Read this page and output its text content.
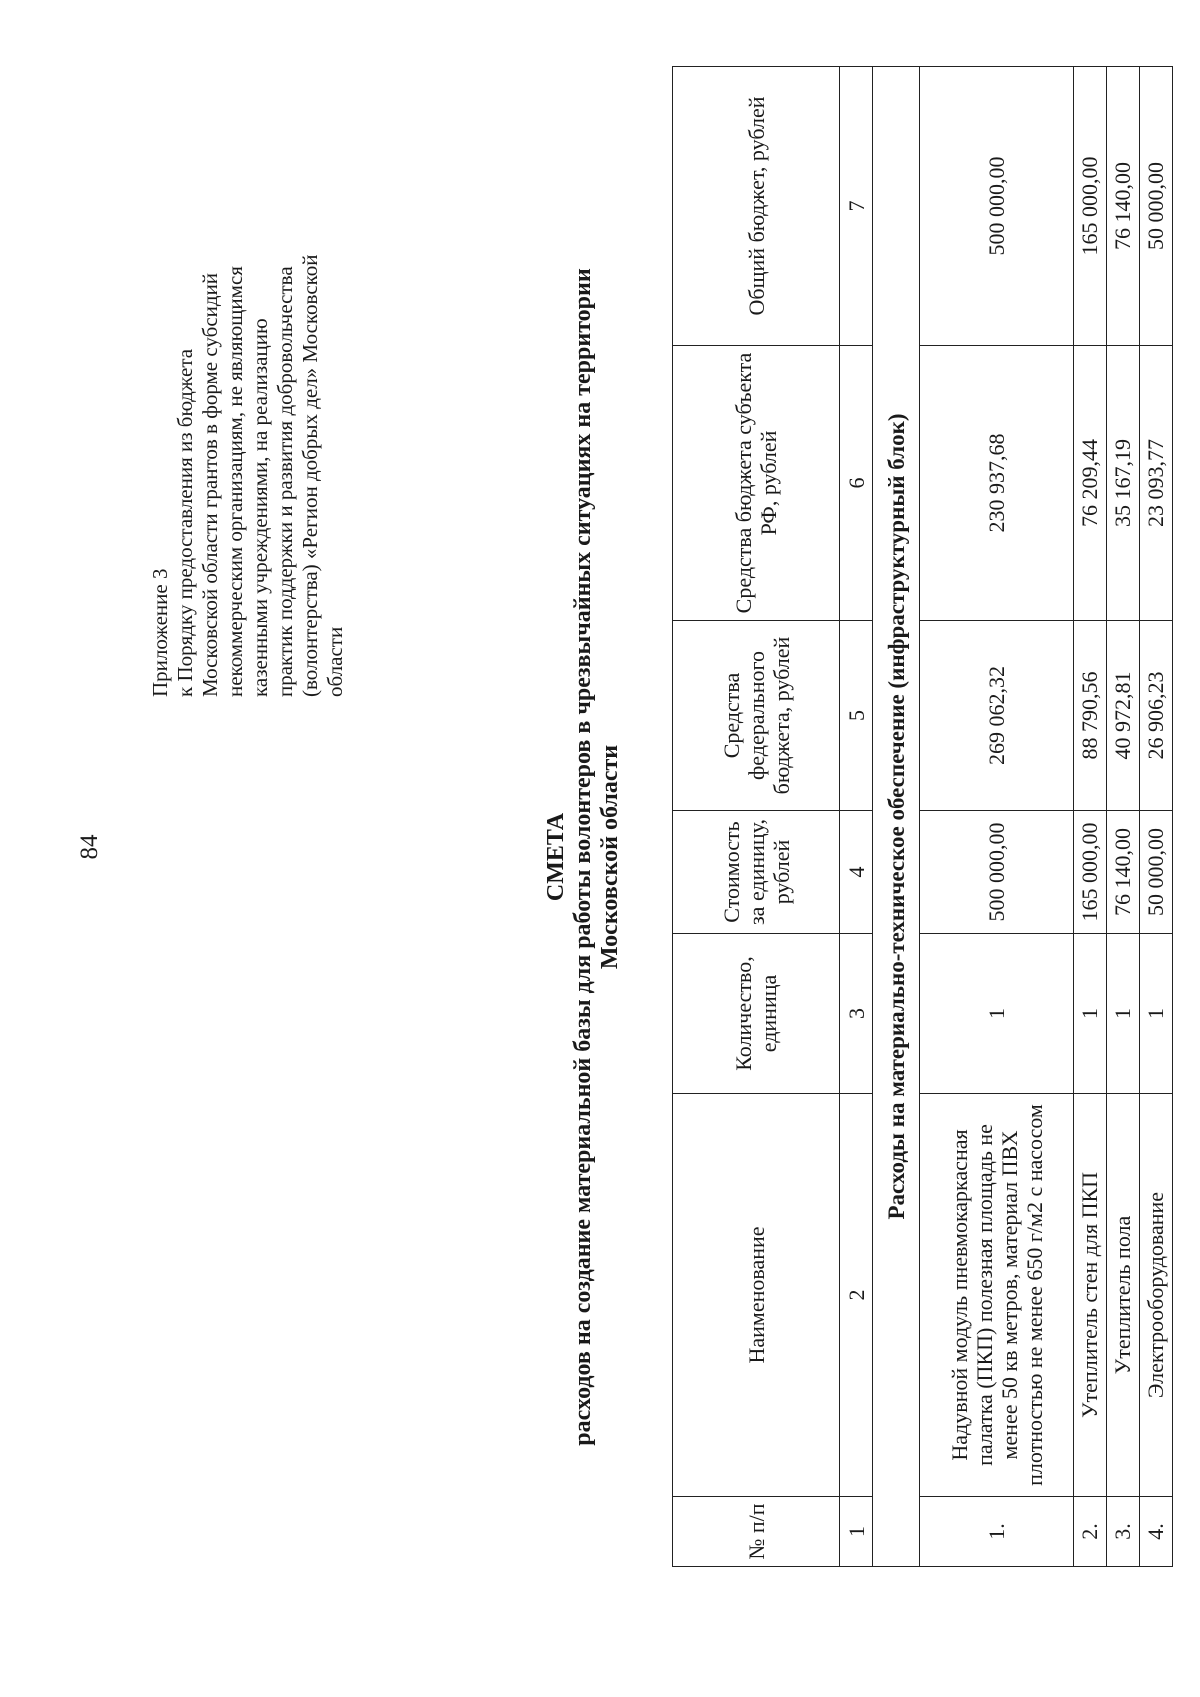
84
Приложение 3 к Порядку предоставления из бюджета Московской области грантов в форме субсидий некоммерческим организациям, не являющимся казенными учреждениями, на реализацию практик поддержки и развития добровольчества (волонтерства) «Регион добрых дел» Московской области
СМЕТА расходов на создание материальной базы для работы волонтеров в чрезвычайных ситуациях на территории Московской области
№ п/п	Наименование	Количество, единица	Стоимость за единицу, рублей	Средства федерального бюджета, рублей	Средства бюджета субъекта РФ, рублей	Общий бюджет, рублей
1	2	3	4	5	6	7
Расходы на материально-техническое обеспечение (инфраструктурный блок)						
1.	Надувной модуль пневмокаркасная палатка (ПКП) полезная площадь не менее 50 кв метров, материал ПВХ плотностью не менее 650 г/м2 с насосом	1	500 000,00	269 062,32	230 937,68	500 000,00
2.	Утеплитель стен для ПКП	1	165 000,00	88 790,56	76 209,44	165 000,00
3.	Утеплитель пола	1	76 140,00	40 972,81	35 167,19	76 140,00
4.	Электрооборудование	1	50 000,00	26 906,23	23 093,77	50 000,00
